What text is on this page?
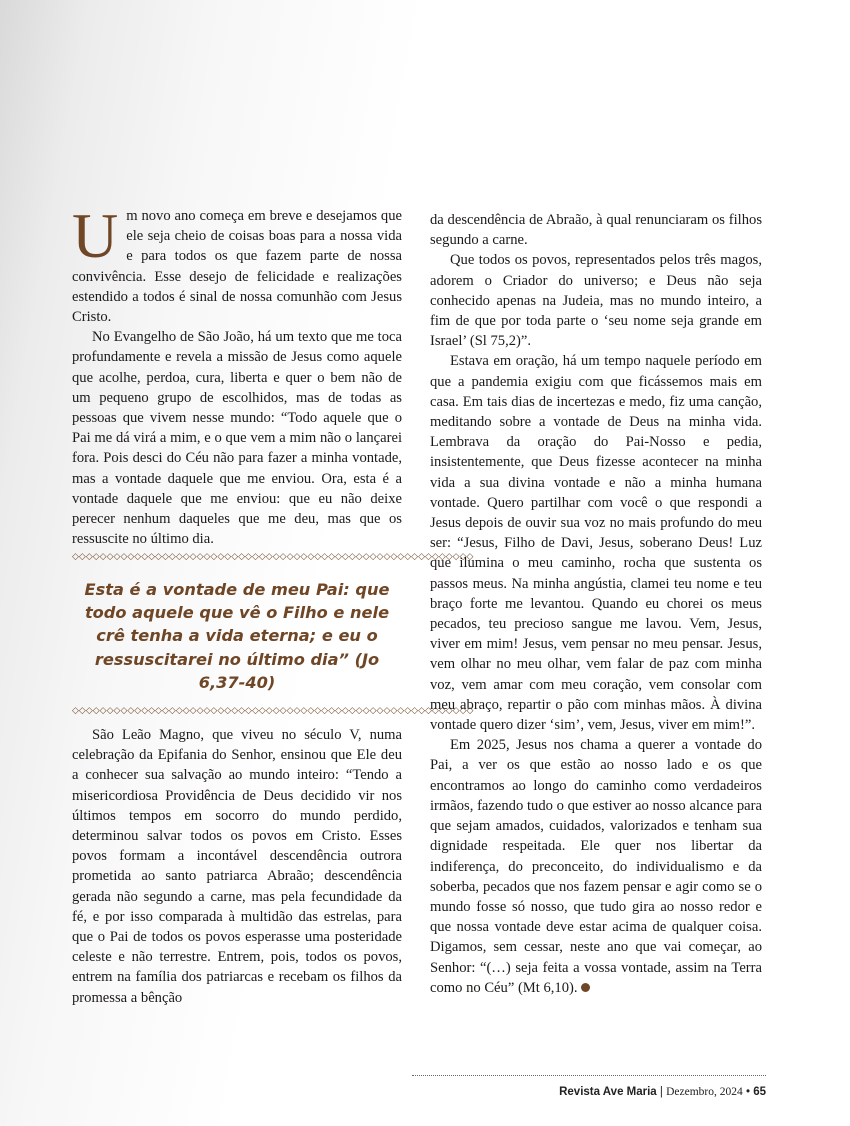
Um novo ano começa em breve e desejamos que ele seja cheio de coisas boas para a nossa vida e para todos os que fazem parte de nossa convivência. Esse desejo de felicidade e realizações estendido a todos é sinal de nossa comunhão com Jesus Cristo.

No Evangelho de São João, há um texto que me toca profundamente e revela a missão de Jesus como aquele que acolhe, perdoa, cura, liberta e quer o bem não de um pequeno grupo de escolhidos, mas de todas as pessoas que vivem nesse mundo: “Todo aquele que o Pai me dá virá a mim, e o que vem a mim não o lançarei fora. Pois desci do Céu não para fazer a minha vontade, mas a vontade daquele que me enviou. Ora, esta é a vontade daquele que me enviou: que eu não deixe perecer nenhum daqueles que me deu, mas que os ressuscite no último dia.

◇◇◇◇◇◇◇◇◇◇◇◇◇◇◇◇◇◇◇◇◇◇◇◇◇◇◇◇◇◇◇◇◇◇◇◇◇◇◇◇◇◇◇◇◇◇◇◇◇◇◇◇◇◇◇◇◇◇
Esta é a vontade de meu Pai: que todo aquele que vê o Filho e nele crê tenha a vida eterna; e eu o ressuscitarei no último dia” (Jo 6,37-40)
◇◇◇◇◇◇◇◇◇◇◇◇◇◇◇◇◇◇◇◇◇◇◇◇◇◇◇◇◇◇◇◇◇◇◇◇◇◇◇◇◇◇◇◇◇◇◇◇◇◇◇◇◇◇◇◇◇◇

São Leão Magno, que viveu no século V, numa celebração da Epifania do Senhor, ensinou que Ele deu a conhecer sua salvação ao mundo inteiro: “Tendo a misericordiosa Providência de Deus decidido vir nos últimos tempos em socorro do mundo perdido, determinou salvar todos os povos em Cristo. Esses povos formam a incontável descendência outrora prometida ao santo patriarca Abraão; descendência gerada não segundo a carne, mas pela fecundidade da fé, e por isso comparada à multidão das estrelas, para que o Pai de todos os povos esperasse uma posteridade celeste e não terrestre. Entrem, pois, todos os povos, entrem na família dos patriarcas e recebam os filhos da promessa a bênção

da descendência de Abraão, à qual renunciaram os filhos segundo a carne.

Que todos os povos, representados pelos três magos, adorem o Criador do universo; e Deus não seja conhecido apenas na Judeia, mas no mundo inteiro, a fim de que por toda parte o ‘seu nome seja grande em Israel’ (Sl 75,2)”.

Estava em oração, há um tempo naquele período em que a pandemia exigiu com que ficássemos mais em casa. Em tais dias de incertezas e medo, fiz uma canção, meditando sobre a vontade de Deus na minha vida. Lembrava da oração do Pai-Nosso e pedia, insistentemente, que Deus fizesse acontecer na minha vida a sua divina vontade e não a minha humana vontade. Quero partilhar com você o que respondi a Jesus depois de ouvir sua voz no mais profundo do meu ser: “Jesus, Filho de Davi, Jesus, soberano Deus! Luz que ilumina o meu caminho, rocha que sustenta os passos meus. Na minha angústia, clamei teu nome e teu braço forte me levantou. Quando eu chorei os meus pecados, teu precioso sangue me lavou. Vem, Jesus, viver em mim! Jesus, vem pensar no meu pensar. Jesus, vem olhar no meu olhar, vem falar de paz com minha voz, vem amar com meu coração, vem consolar com meu abraço, repartir o pão com minhas mãos. À divina vontade quero dizer ‘sim’, vem, Jesus, viver em mim!”.

Em 2025, Jesus nos chama a querer a vontade do Pai, a ver os que estão ao nosso lado e os que encontramos ao longo do caminho como verdadeiros irmãos, fazendo tudo o que estiver ao nosso alcance para que sejam amados, cuidados, valorizados e tenham sua dignidade respeitada. Ele quer nos libertar da indiferença, do preconceito, do individualismo e da soberba, pecados que nos fazem pensar e agir como se o mundo fosse só nosso, que tudo gira ao nosso redor e que nossa vontade deve estar acima de qualquer coisa. Digamos, sem cessar, neste ano que vai começar, ao Senhor: “(…) seja feita a vossa vontade, assim na Terra como no Céu” (Mt 6,10).

Revista Ave Maria | Dezembro, 2024 • 65
